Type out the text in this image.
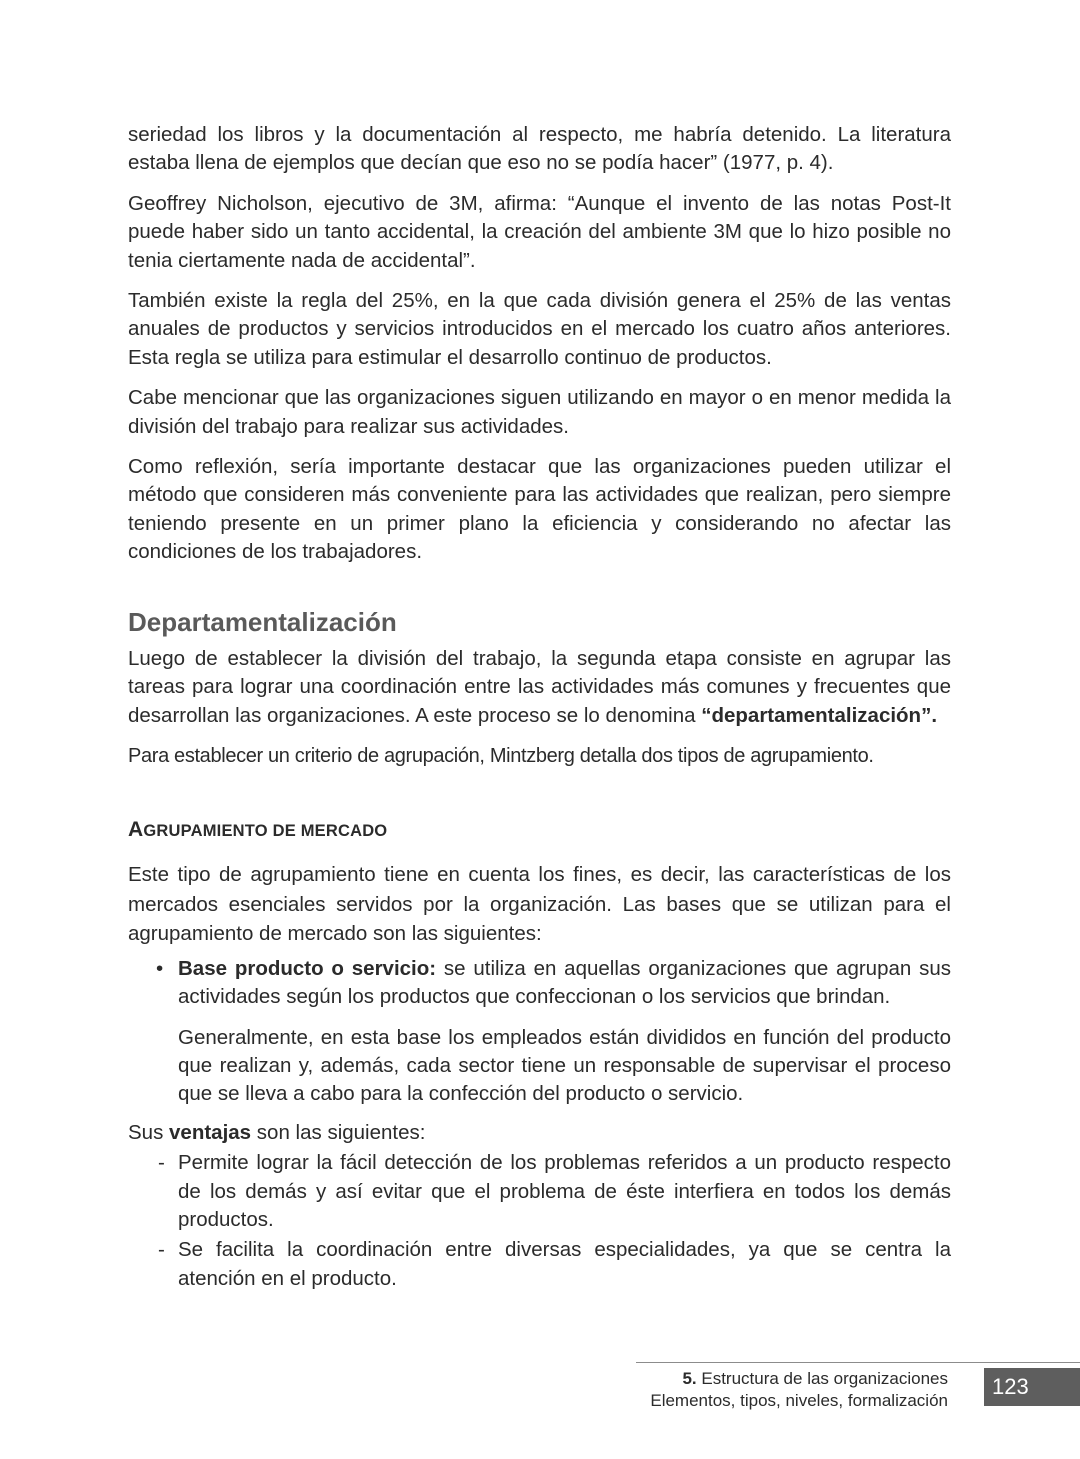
seriedad los libros y la documentación al respecto, me habría detenido. La literatura estaba llena de ejemplos que decían que eso no se podía hacer” (1977, p. 4).

Geoffrey Nicholson, ejecutivo de 3M, afirma: “Aunque el invento de las notas Post-It puede haber sido un tanto accidental, la creación del ambiente 3M que lo hizo posible no tenia ciertamente nada de accidental”.

También existe la regla del 25%, en la que cada división genera el 25% de las ventas anuales de productos y servicios introducidos en el mercado los cuatro años anteriores. Esta regla se utiliza para estimular el desarrollo continuo de productos.

Cabe mencionar que las organizaciones siguen utilizando en mayor o en menor medida la división del trabajo para realizar sus actividades.

Como reflexión, sería importante destacar que las organizaciones pueden utilizar el método que consideren más conveniente para las actividades que realizan, pero siempre teniendo presente en un primer plano la eficiencia y considerando no afectar las condiciones de los trabajadores.

Departamentalización

Luego de establecer la división del trabajo, la segunda etapa consiste en agrupar las tareas para lograr una coordinación entre las actividades más comunes y frecuentes que desarrollan las organizaciones. A este proceso se lo denomina “departamentalización”.

Para establecer un criterio de agrupación, Mintzberg detalla dos tipos de agrupamiento.

AGRUPAMIENTO DE MERCADO

Este tipo de agrupamiento tiene en cuenta los fines, es decir, las características de los mercados esenciales servidos por la organización. Las bases que se utilizan para el agrupamiento de mercado son las siguientes:

• Base producto o servicio: se utiliza en aquellas organizaciones que agrupan sus actividades según los productos que confeccionan o los servicios que brindan.

Generalmente, en esta base los empleados están divididos en función del producto que realizan y, además, cada sector tiene un responsable de supervisar el proceso que se lleva a cabo para la confección del producto o servicio.

Sus ventajas son las siguientes:

- Permite lograr la fácil detección de los problemas referidos a un producto respecto de los demás y así evitar que el problema de éste interfiera en todos los demás productos.

- Se facilita la coordinación entre diversas especialidades, ya que se centra la atención en el producto.

5. Estructura de las organizaciones
Elementos, tipos, niveles, formalización
123
